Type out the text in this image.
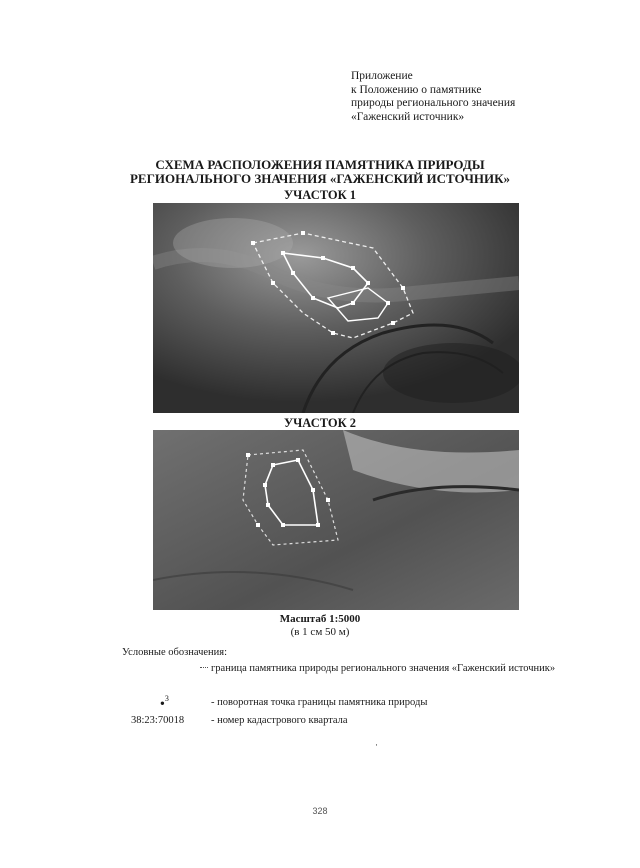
Приложение
к Положению о памятнике
природы регионального значения
«Гаженский источник»
СХЕМА РАСПОЛОЖЕНИЯ ПАМЯТНИКА ПРИРОДЫ
РЕГИОНАЛЬНОГО ЗНАЧЕНИЯ «ГАЖЕНСКИЙ ИСТОЧНИК»
УЧАСТОК 1
УЧАСТОК 2
Масштаб 1:5000
(в 1 см 50 м)
Условные обозначения:
граница памятника природы регионального значения «Гаженский источник»
●$^3$	- поворотная точка границы памятника природы
38:23:70018	- номер кадастрового квартала
·
328
